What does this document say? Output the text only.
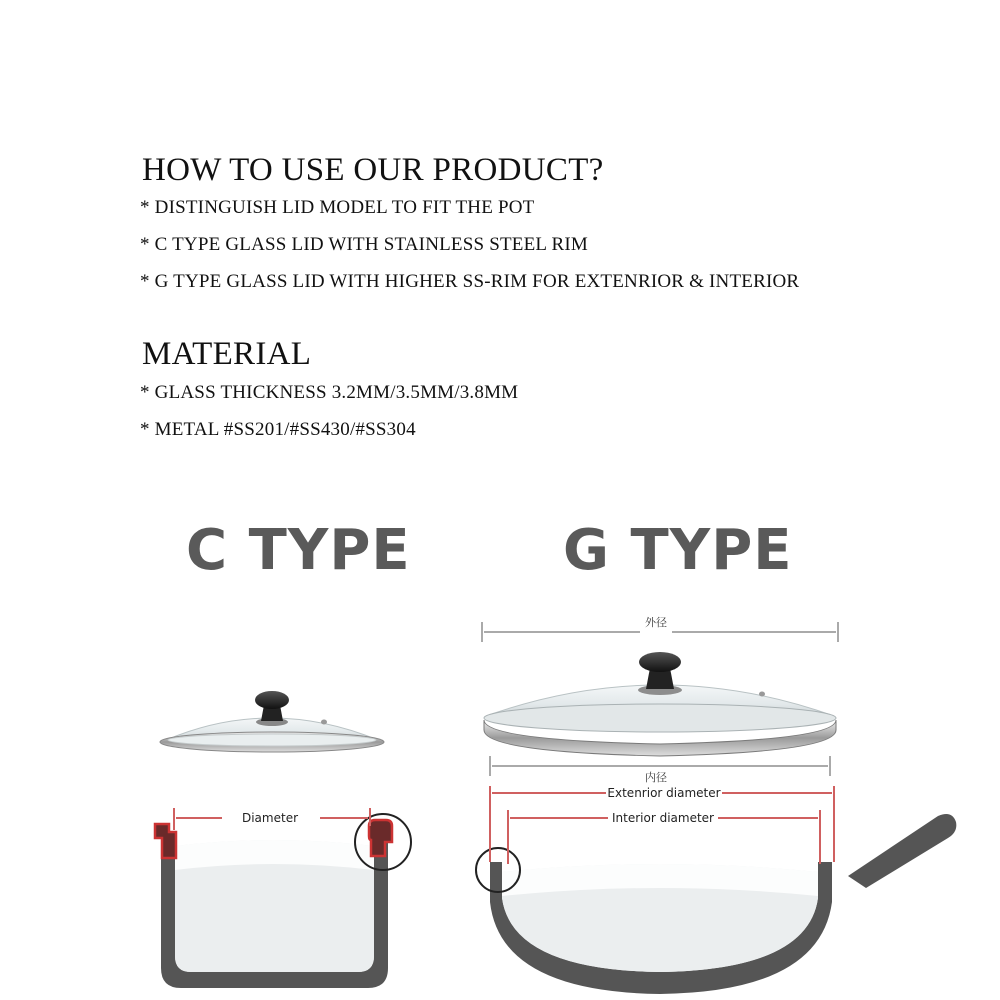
HOW TO USE OUR PRODUCT?

* DISTINGUISH LID MODEL TO FIT THE POT

* C TYPE GLASS LID WITH STAINLESS STEEL RIM

* G TYPE GLASS LID WITH HIGHER SS-RIM FOR EXTENRIOR & INTERIOR

MATERIAL

* GLASS THICKNESS 3.2MM/3.5MM/3.8MM

* METAL #SS201/#SS430/#SS304

C TYPE	G TYPE
Diameter
外径
内径
Extenrior diameter
Interior diameter
